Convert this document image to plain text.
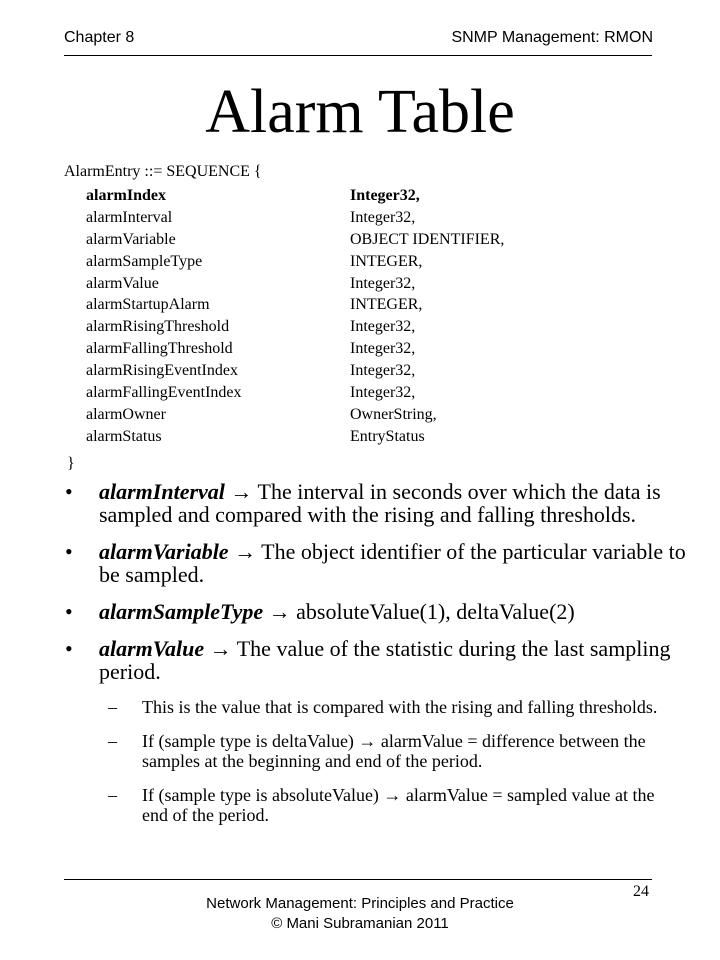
Chapter 8	SNMP Management: RMON
Alarm Table
AlarmEntry ::= SEQUENCE {
alarmIndex	Integer32,
alarmInterval	Integer32,
alarmVariable	OBJECT IDENTIFIER,
alarmSampleType	INTEGER,
alarmValue	Integer32,
alarmStartupAlarm	INTEGER,
alarmRisingThreshold	Integer32,
alarmFallingThreshold	Integer32,
alarmRisingEventIndex	Integer32,
alarmFallingEventIndex	Integer32,
alarmOwner	OwnerString,
alarmStatus	EntryStatus
}
• alarmInterval → The interval in seconds over which the data is sampled and compared with the rising and falling thresholds.
• alarmVariable → The object identifier of the particular variable to be sampled.
• alarmSampleType → absoluteValue(1), deltaValue(2)
• alarmValue → The value of the statistic during the last sampling period.
– This is the value that is compared with the rising and falling thresholds.
– If (sample type is deltaValue) → alarmValue = difference between the samples at the beginning and end of the period.
– If (sample type is absoluteValue) → alarmValue = sampled value at the end of the period.
24
Network Management: Principles and Practice
© Mani Subramanian 2011
